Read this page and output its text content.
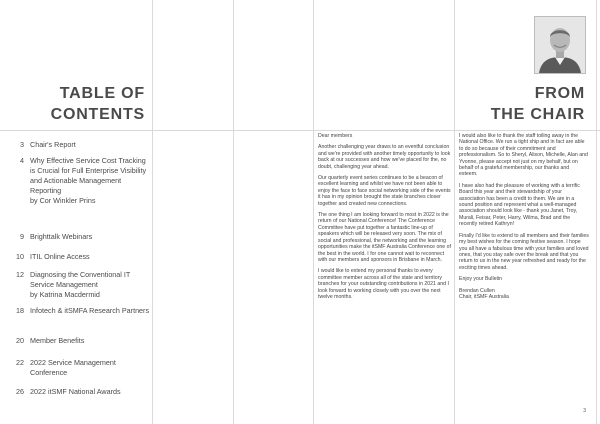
TABLE OF
CONTENTS
FROM
THE CHAIR
3 Chair's Report
4 Why Effective Service Cost Tracking is Crucial for Full Enterprise Visibility and Actionable Management Reporting
by Cor Winkler Prins
9 Brighttalk Webinars
10 ITIL Online Access
12 Diagnosing the Conventional IT Service Management
by Katrina Macdermid
18 Infotech & itSMFA Research Partners
20 Member Benefits
22 2022 Service Management Conference
26 2022 itSMF National Awards

Dear members

Another challenging year draws to an eventful conclusion and we're provided with another timely opportunity to look back at our successes and how we've placed for the, no doubt, challenging year ahead.

Our quarterly event series continues to be a beacon of excellent learning and whilst we have not been able to enjoy the face to face social networking side of the events it has in my opinion brought the state branches closer together and created new connections.

The one thing I am looking forward to most in 2022 is the return of our National Conference! The Conference Committee have put together a fantastic line-up of speakers which will be released very soon. The mix of social and professional, the networking and the learning opportunities make the itSMF Australia Conference one of the best in the world. I for one cannot wait to reconnect with our members and sponsors in Brisbane in March.

I would like to extend my personal thanks to every committee member across all of the state and territory branches for your outstanding contributions in 2021 and I look forward to working closely with you over the next twelve months.

I would also like to thank the staff toiling away in the National Office. We run a tight ship and in fact are able to do so because of their commitment and professionalism. So to Sheryl, Alison, Michelle, Alan and Yvonne, please accept not just on my behalf, but on behalf of a grateful membership, our thanks and esteem.

I have also had the pleasure of working with a terrific Board this year and their stewardship of your association has been a credit to them. We are in a sound position and represent what a well-managed association should look like - thank you Janet, Troy, Murali, Feisar, Peter, Harry, Wilma, Brad and the recently retired Kathryn!

Finally I'd like to extend to all members and their families my best wishes for the coming festive season. I hope you all have a fabulous time with your families and loved ones, that you stay safe over the break and that you return to us in the new year refreshed and ready for the exciting times ahead.

Enjoy your Bulletin

Brendan Cullen
Chair, itSMF Australia

3
